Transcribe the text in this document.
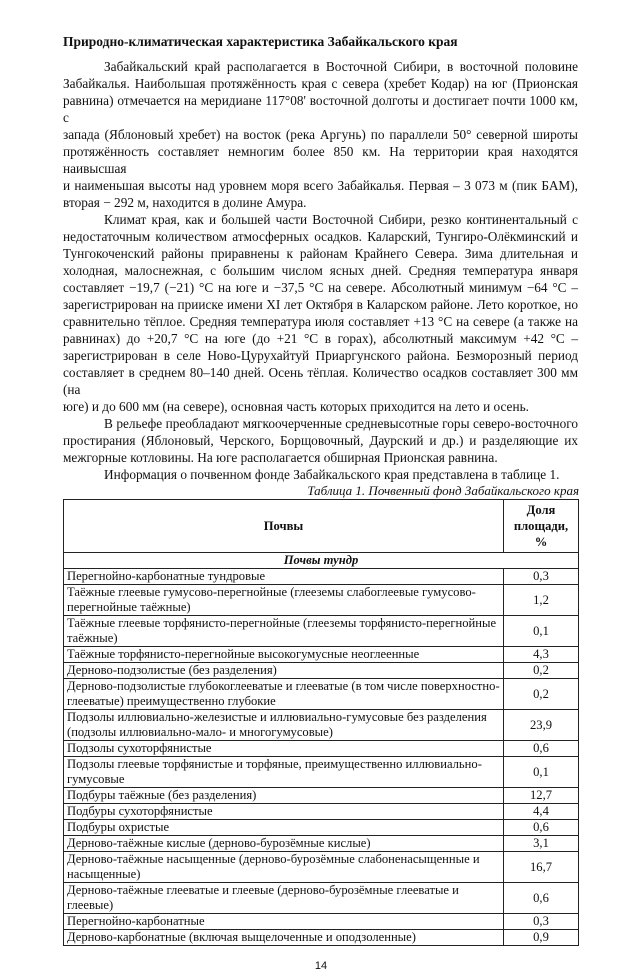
Природно-климатическая характеристика Забайкальского края
Забайкальский край располагается в Восточной Сибири, в восточной половине
Забайкалья. Наибольшая протяжённость края с севера (хребет Кодар) на юг (Прионская
равнина) отмечается на меридиане 117°08' восточной долготы и достигает почти 1000 км, с
запада (Яблоновый хребет) на восток (река Аргунь) по параллели 50° северной широты
протяжённость составляет немногим более 850 км. На территории края находятся наивысшая
и наименьшая высоты над уровнем моря всего Забайкалья. Первая – 3 073 м (пик БАМ),
вторая − 292 м, находится в долине Амура.
Климат края, как и большей части Восточной Сибири, резко континентальный с
недостаточным количеством атмосферных осадков. Каларский, Тунгиро-Олёкминский и
Тунгокоченский районы приравнены к районам Крайнего Севера. Зима длительная и
холодная, малоснежная, с большим числом ясных дней. Средняя температура января
составляет −19,7 (−21) °C на юге и −37,5 °C на севере. Абсолютный минимум −64 °C –
зарегистрирован на прииске имени XI лет Октября в Каларском районе. Лето короткое, но
сравнительно тёплое. Средняя температура июля составляет +13 °C на севере (а также на
равнинах) до +20,7 °C на юге (до +21 °C в горах), абсолютный максимум +42 °C –
зарегистрирован в селе Ново-Цурухайтуй Приаргунского района. Безморозный период
составляет в среднем 80–140 дней. Осень тёплая. Количество осадков составляет 300 мм (на
юге) и до 600 мм (на севере), основная часть которых приходится на лето и осень.
В рельефе преобладают мягкоочерченные средневысотные горы северо-восточного
простирания (Яблоновый, Черского, Борщовочный, Даурский и др.) и разделяющие их
межгорные котловины. На юге располагается обширная Прионская равнина.
Информация о почвенном фонде Забайкальского края представлена в таблице 1.
Таблица 1. Почвенный фонд Забайкальского края
Почвы	Доля площади, %
Почвы тундр	
Перегнойно-карбонатные тундровые	0,3
Таёжные глеевые гумусово-перегнойные (глееземы слабоглеевые гумусово-перегнойные таёжные)	1,2
Таёжные глеевые торфянисто-перегнойные (глееземы торфянисто-перегнойные таёжные)	0,1
Таёжные торфянисто-перегнойные высокогумусные неоглеенные	4,3
Дерново-подзолистые (без разделения)	0,2
Дерново-подзолистые глубокоглееватые и глееватые (в том числе поверхностно-глееватые) преимущественно глубокие	0,2
Подзолы иллювиально-железистые и иллювиально-гумусовые без разделения (подзолы иллювиально-мало- и многогумусовые)	23,9
Подзолы сухоторфянистые	0,6
Подзолы глеевые торфянистые и торфяные, преимущественно иллювиально-гумусовые	0,1
Подбуры таёжные (без разделения)	12,7
Подбуры сухоторфянистые	4,4
Подбуры охристые	0,6
Дерново-таёжные кислые (дерново-бурозёмные кислые)	3,1
Дерново-таёжные насыщенные (дерново-бурозёмные слабоненасыщенные и насыщенные)	16,7
Дерново-таёжные глееватые и глеевые (дерново-бурозёмные глееватые и глеевые)	0,6
Перегнойно-карбонатные	0,3
Дерново-карбонатные (включая выщелоченные и оподзоленные)	0,9
14
